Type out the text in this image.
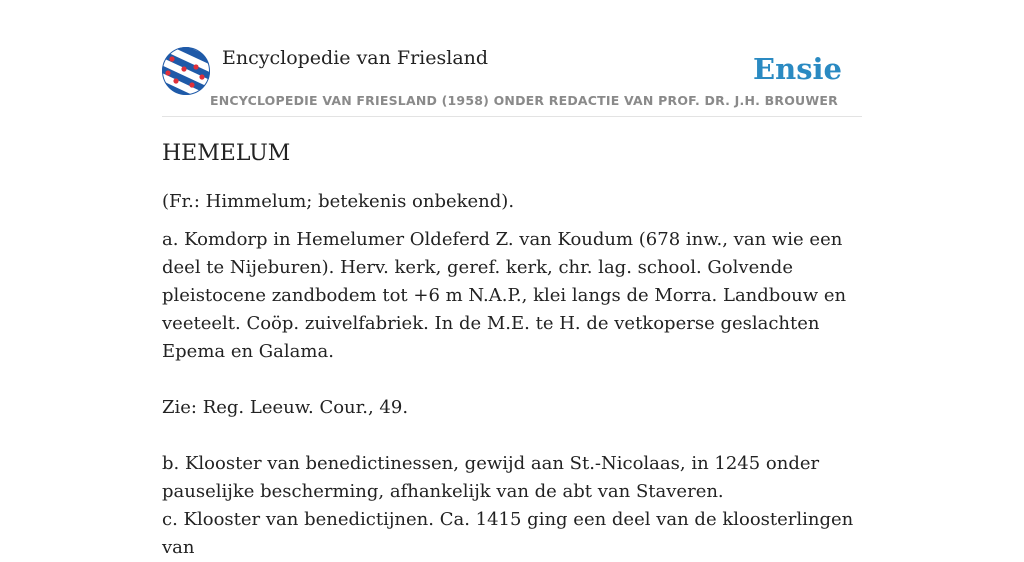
Encyclopedie van Friesland	Ensie
ENCYCLOPEDIE VAN FRIESLAND (1958) ONDER REDACTIE VAN PROF. DR. J.H. BROUWER
HEMELUM

(Fr.: Himmelum; betekenis onbekend).

a. Komdorp in Hemelumer Oldeferd Z. van Koudum (678 inw., van wie een deel te Nijeburen). Herv. kerk, geref. kerk, chr. lag. school. Golvende pleistocene zandbodem tot +6 m N.A.P., klei langs de Morra. Landbouw en veeteelt. Coöp. zuivelfabriek. In de M.E. te H. de vetkoperse geslachten Epema en Galama.

Zie: Reg. Leeuw. Cour., 49.

b. Klooster van benedictinessen, gewijd aan St.-Nicolaas, in 1245 onder pauselijke bescherming, afhankelijk van de abt van Staveren.

c. Klooster van benedictijnen. Ca. 1415 ging een deel van de kloosterlingen van
